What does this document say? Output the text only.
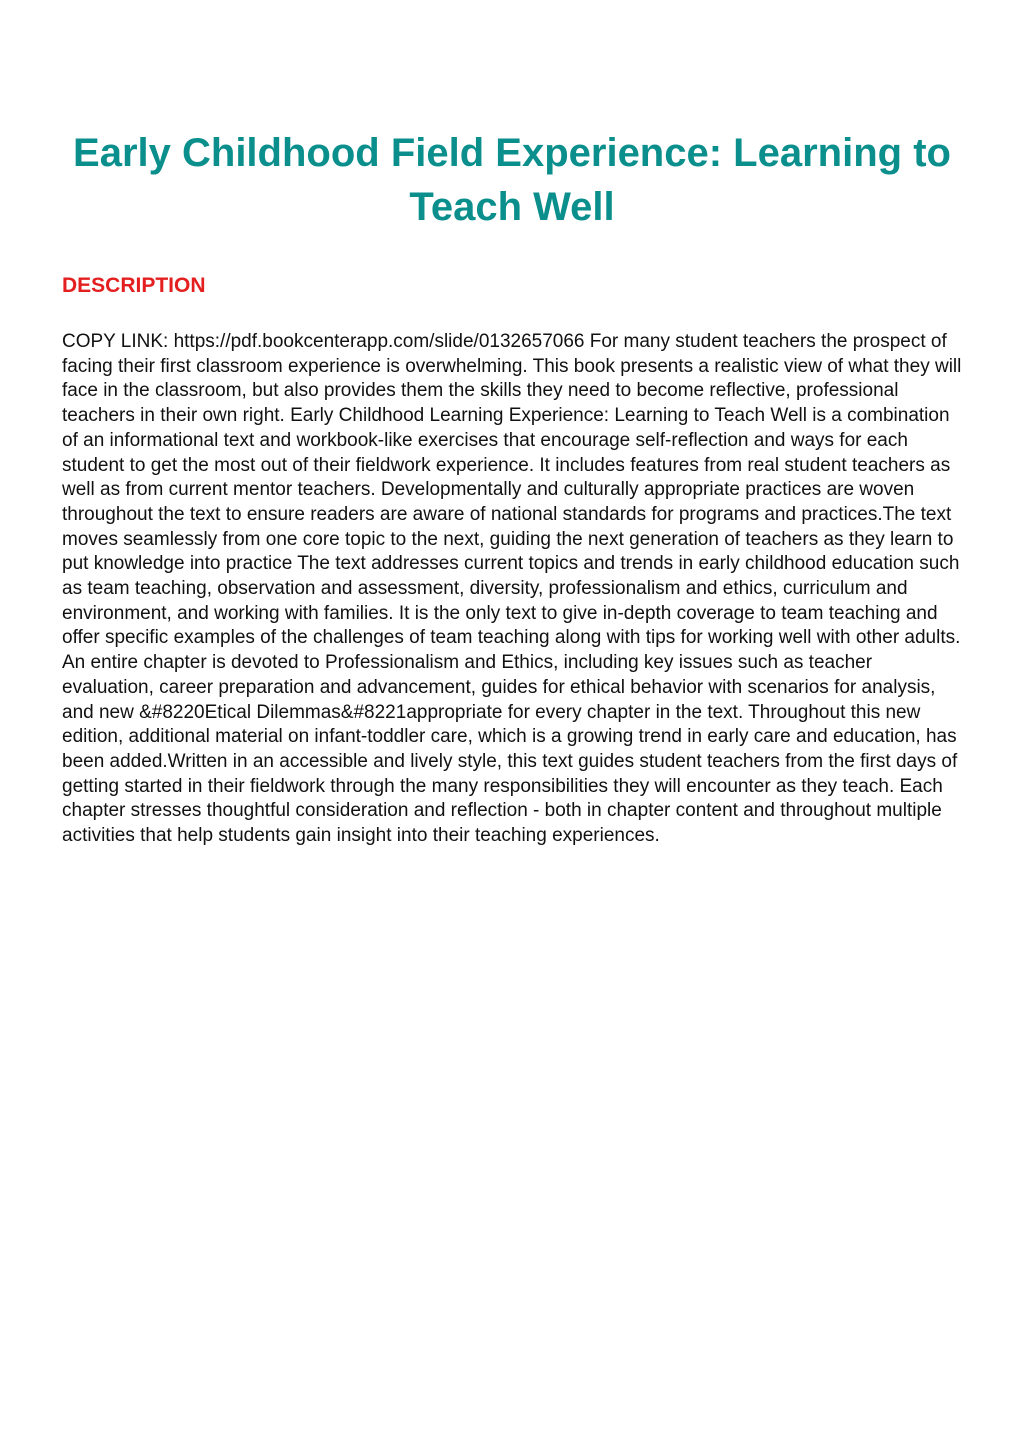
Early Childhood Field Experience: Learning to Teach Well
DESCRIPTION

COPY LINK: https://pdf.bookcenterapp.com/slide/0132657066 For many student teachers the prospect of facing their first classroom experience is overwhelming. This book presents a realistic view of what they will face in the classroom, but also provides them the skills they need to become reflective, professional teachers in their own right. Early Childhood Learning Experience: Learning to Teach Well is a combination of an informational text and workbook-like exercises that encourage self-reflection and ways for each student to get the most out of their fieldwork experience. It includes features from real student teachers as well as from current mentor teachers. Developmentally and culturally appropriate practices are woven throughout the text to ensure readers are aware of national standards for programs and practices.The text moves seamlessly from one core topic to the next, guiding the next generation of teachers as they learn to put knowledge into practice The text addresses current topics and trends in early childhood education such as team teaching, observation and assessment, diversity, professionalism and ethics, curriculum and environment, and working with families. It is the only text to give in-depth coverage to team teaching and offer specific examples of the challenges of team teaching along with tips for working well with other adults. An entire chapter is devoted to Professionalism and Ethics, including key issues such as teacher evaluation, career preparation and advancement, guides for ethical behavior with scenarios for analysis, and new &#8220Etical Dilemmas&#8221appropriate for every chapter in the text. Throughout this new edition, additional material on infant-toddler care, which is a growing trend in early care and education, has been added.Written in an accessible and lively style, this text guides student teachers from the first days of getting started in their fieldwork through the many responsibilities they will encounter as they teach. Each chapter stresses thoughtful consideration and reflection - both in chapter content and throughout multiple activities that help students gain insight into their teaching experiences.
